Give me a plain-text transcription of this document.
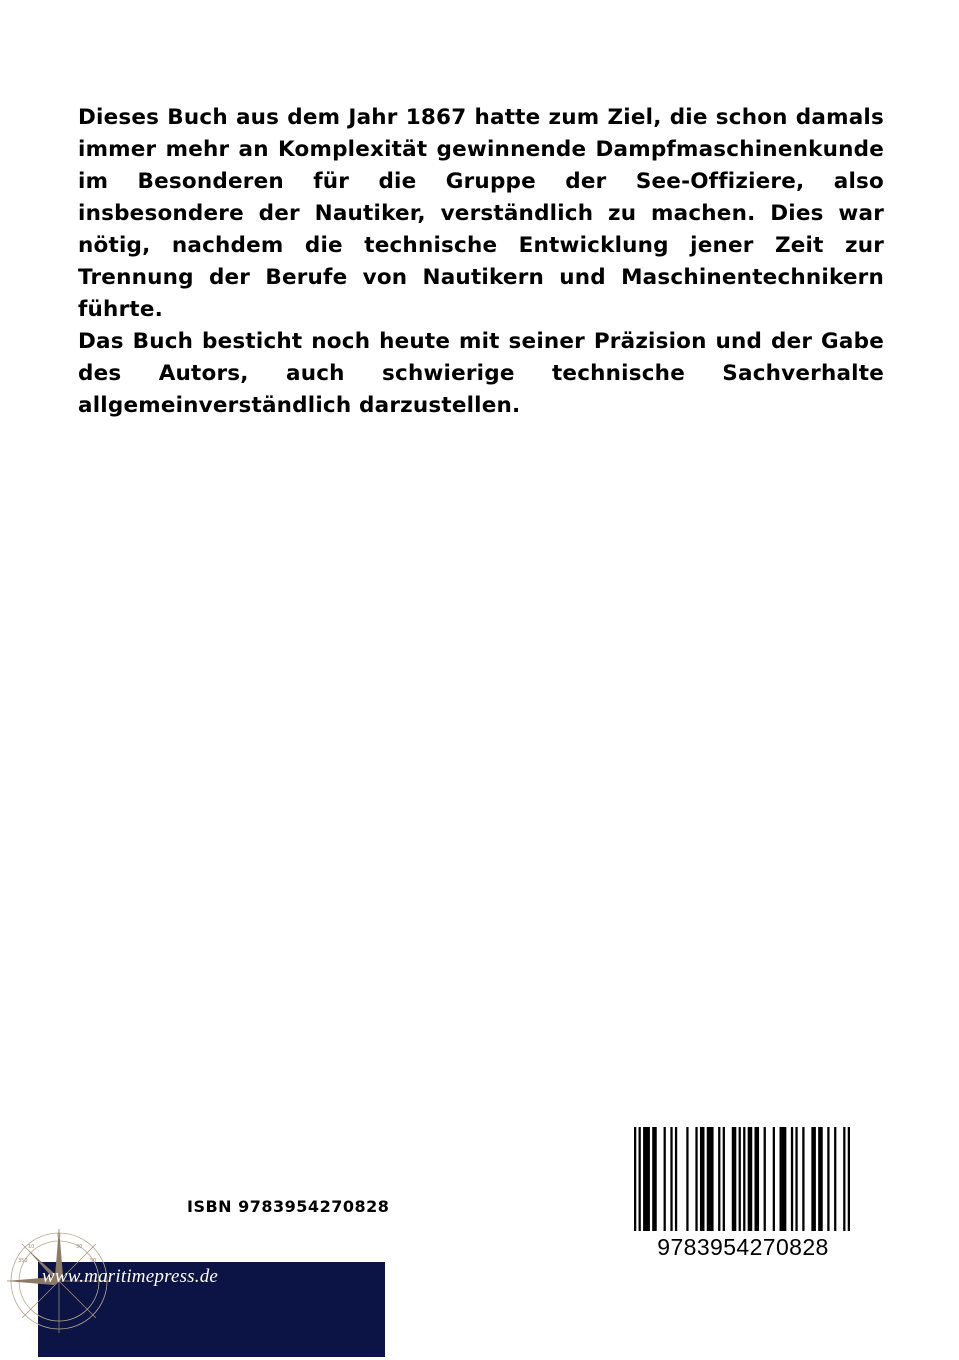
Dieses Buch aus dem Jahr 1867 hatte zum Ziel, die schon damals immer mehr an Komplexität gewinnende Dampfmaschinenkunde im Besonderen für die Gruppe der See-Offiziere, also insbesondere der Nautiker, verständlich zu machen. Dies war nötig, nachdem die technische Entwicklung jener Zeit zur Trennung der Berufe von Nautikern und Maschinentechnikern führte.

Das Buch besticht noch heute mit seiner Präzision und der Gabe des Autors, auch schwierige technische Sachverhalte allgemeinverständlich darzustellen.

ISBN 9783954270828
9783954270828
N
350
10	30
50
www.maritimepress.de
